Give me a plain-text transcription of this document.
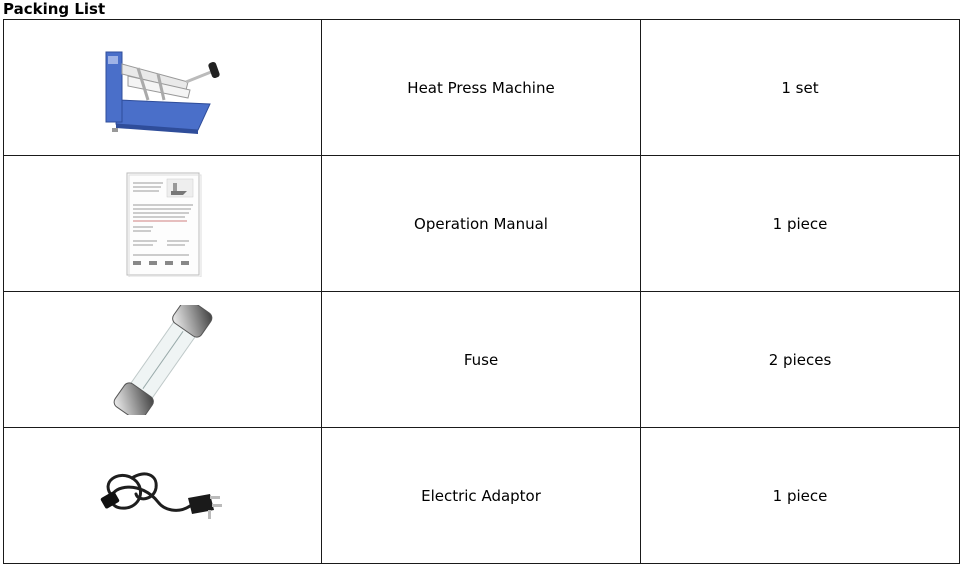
Packing List
	Heat Press Machine	1 set

	Operation Manual	1 piece

	Fuse	2 pieces

	Electric Adaptor	1 piece
